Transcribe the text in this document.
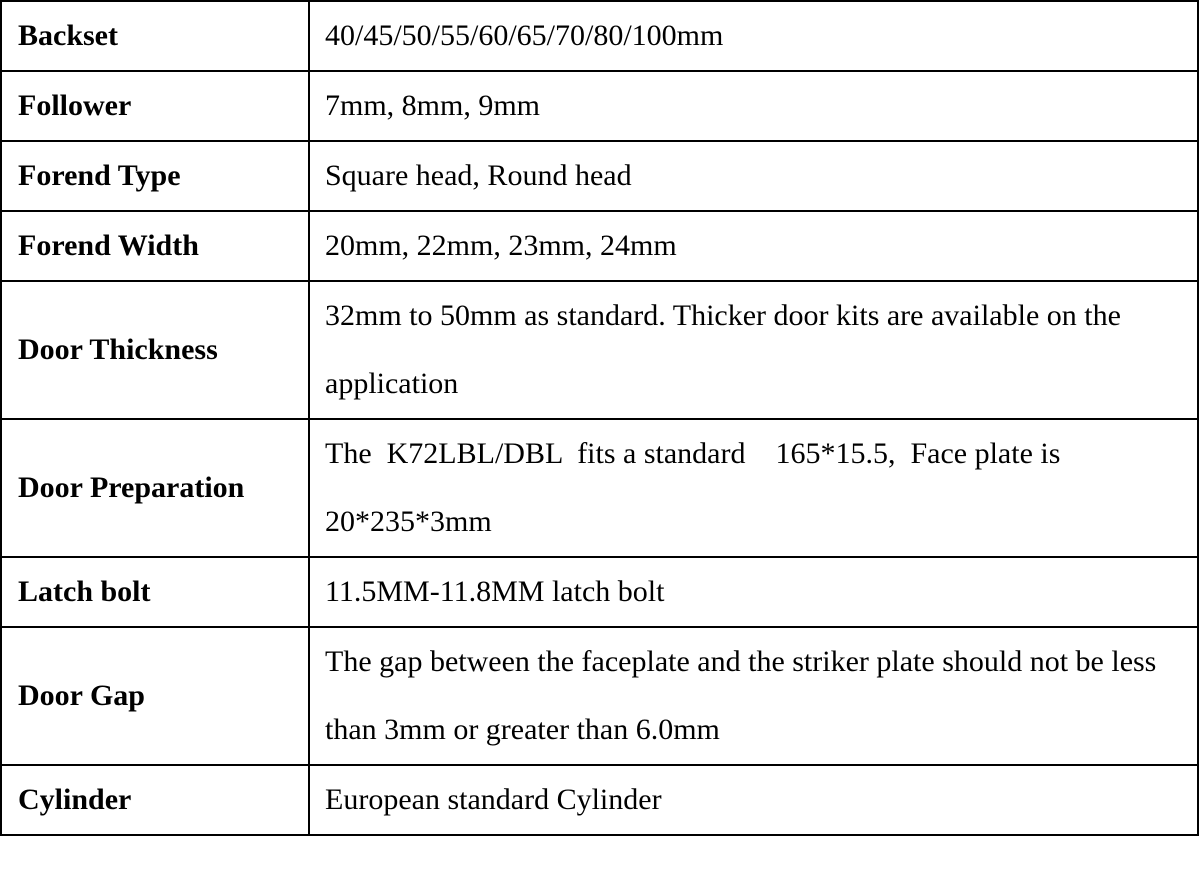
Backset	40/45/50/55/60/65/70/80/100mm
Follower	7mm, 8mm, 9mm
Forend Type	Square head, Round head
Forend Width	20mm, 22mm, 23mm, 24mm
Door Thickness	32mm to 50mm as standard. Thicker door kits are available on the application
Door Preparation	The  K72LBL/DBL  fits a standard    165*15.5,  Face plate is 20*235*3mm
Latch bolt	11.5MM-11.8MM latch bolt
Door Gap	The gap between the faceplate and the striker plate should not be less than 3mm or greater than 6.0mm
Cylinder	European standard Cylinder
